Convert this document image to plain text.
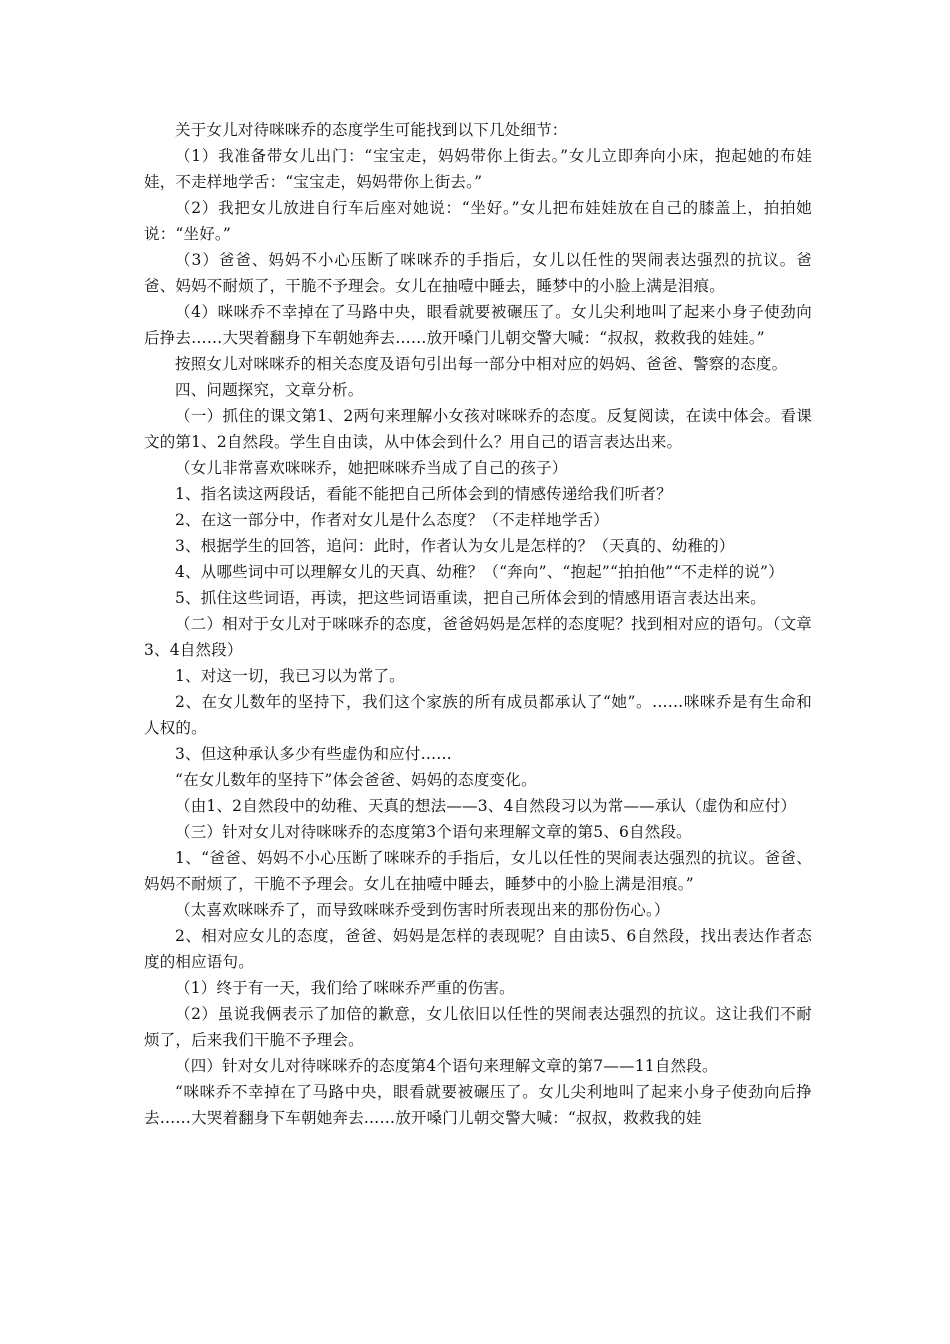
关于女儿对待咪咪乔的态度学生可能找到以下几处细节：

（1）我准备带女儿出门：“宝宝走，妈妈带你上街去。”女儿立即奔向小床，抱起她的布娃娃，不走样地学舌：“宝宝走，妈妈带你上街去。”

（2）我把女儿放进自行车后座对她说：“坐好。”女儿把布娃娃放在自己的膝盖上，拍拍她说：“坐好。”

（3）爸爸、妈妈不小心压断了咪咪乔的手指后，女儿以任性的哭闹表达强烈的抗议。爸爸、妈妈不耐烦了，干脆不予理会。女儿在抽噎中睡去，睡梦中的小脸上满是泪痕。

（4）咪咪乔不幸掉在了马路中央，眼看就要被碾压了。女儿尖利地叫了起来小身子使劲向后挣去……大哭着翻身下车朝她奔去……放开嗓门儿朝交警大喊：“叔叔，救救我的娃娃。”

按照女儿对咪咪乔的相关态度及语句引出每一部分中相对应的妈妈、爸爸、警察的态度。

四、问题探究，文章分析。

（一）抓住的课文第1、2两句来理解小女孩对咪咪乔的态度。反复阅读，在读中体会。看课文的第1、2自然段。学生自由读，从中体会到什么？用自己的语言表达出来。

（女儿非常喜欢咪咪乔，她把咪咪乔当成了自己的孩子）

1、指名读这两段话，看能不能把自己所体会到的情感传递给我们听者？

2、在这一部分中，作者对女儿是什么态度？（不走样地学舌）

3、根据学生的回答，追问：此时，作者认为女儿是怎样的？（天真的、幼稚的）

4、从哪些词中可以理解女儿的天真、幼稚？（“奔向”、“抱起”“拍拍他”“不走样的说”）

5、抓住这些词语，再读，把这些词语重读，把自己所体会到的情感用语言表达出来。

（二）相对于女儿对于咪咪乔的态度，爸爸妈妈是怎样的态度呢？找到相对应的语句。（文章3、4自然段）

1、对这一切，我已习以为常了。

2、在女儿数年的坚持下，我们这个家族的所有成员都承认了“她”。……咪咪乔是有生命和人权的。

3、但这种承认多少有些虚伪和应付……

“在女儿数年的坚持下”体会爸爸、妈妈的态度变化。

（由1、2自然段中的幼稚、天真的想法——3、4自然段习以为常——承认（虚伪和应付）

（三）针对女儿对待咪咪乔的态度第3个语句来理解文章的第5、6自然段。

1、“爸爸、妈妈不小心压断了咪咪乔的手指后，女儿以任性的哭闹表达强烈的抗议。爸爸、妈妈不耐烦了，干脆不予理会。女儿在抽噎中睡去，睡梦中的小脸上满是泪痕。”

（太喜欢咪咪乔了，而导致咪咪乔受到伤害时所表现出来的那份伤心。）

2、相对应女儿的态度，爸爸、妈妈是怎样的表现呢？自由读5、6自然段，找出表达作者态度的相应语句。

（1）终于有一天，我们给了咪咪乔严重的伤害。

（2）虽说我俩表示了加倍的歉意，女儿依旧以任性的哭闹表达强烈的抗议。这让我们不耐烦了，后来我们干脆不予理会。

（四）针对女儿对待咪咪乔的态度第4个语句来理解文章的第7——11自然段。

“咪咪乔不幸掉在了马路中央，眼看就要被碾压了。女儿尖利地叫了起来小身子使劲向后挣去……大哭着翻身下车朝她奔去……放开嗓门儿朝交警大喊：“叔叔，救救我的娃
